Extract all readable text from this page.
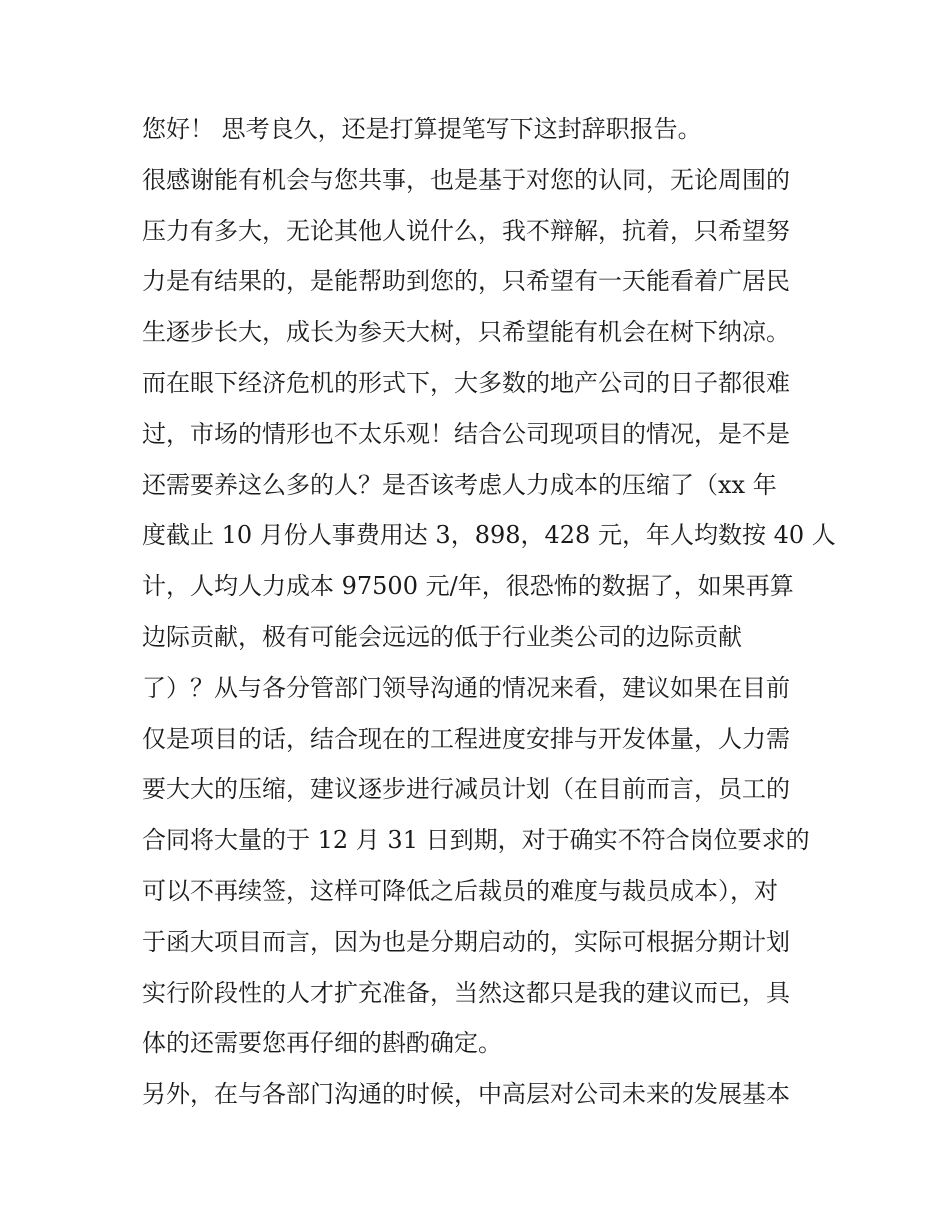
您好！ 思考良久，还是打算提笔写下这封辞职报告。
很感谢能有机会与您共事，也是基于对您的认同，无论周围的
压力有多大，无论其他人说什么，我不辩解，抗着，只希望努
力是有结果的，是能帮助到您的，只希望有一天能看着广居民
生逐步长大，成长为参天大树，只希望能有机会在树下纳凉。
而在眼下经济危机的形式下，大多数的地产公司的日子都很难
过，市场的情形也不太乐观！结合公司现项目的情况，是不是
还需要养这么多的人？是否该考虑人力成本的压缩了（xx 年
度截止 10 月份人事费用达 3，898，428 元，年人均数按 40 人
计，人均人力成本 97500 元/年，很恐怖的数据了，如果再算
边际贡献，极有可能会远远的低于行业类公司的边际贡献
了）？从与各分管部门领导沟通的情况来看，建议如果在目前
仅是项目的话，结合现在的工程进度安排与开发体量，人力需
要大大的压缩，建议逐步进行减员计划（在目前而言，员工的
合同将大量的于 12 月 31 日到期，对于确实不符合岗位要求的
可以不再续签，这样可降低之后裁员的难度与裁员成本），对
于函大项目而言，因为也是分期启动的，实际可根据分期计划
实行阶段性的人才扩充准备，当然这都只是我的建议而已，具
体的还需要您再仔细的斟酌确定。
另外，在与各部门沟通的时候，中高层对公司未来的发展基本
